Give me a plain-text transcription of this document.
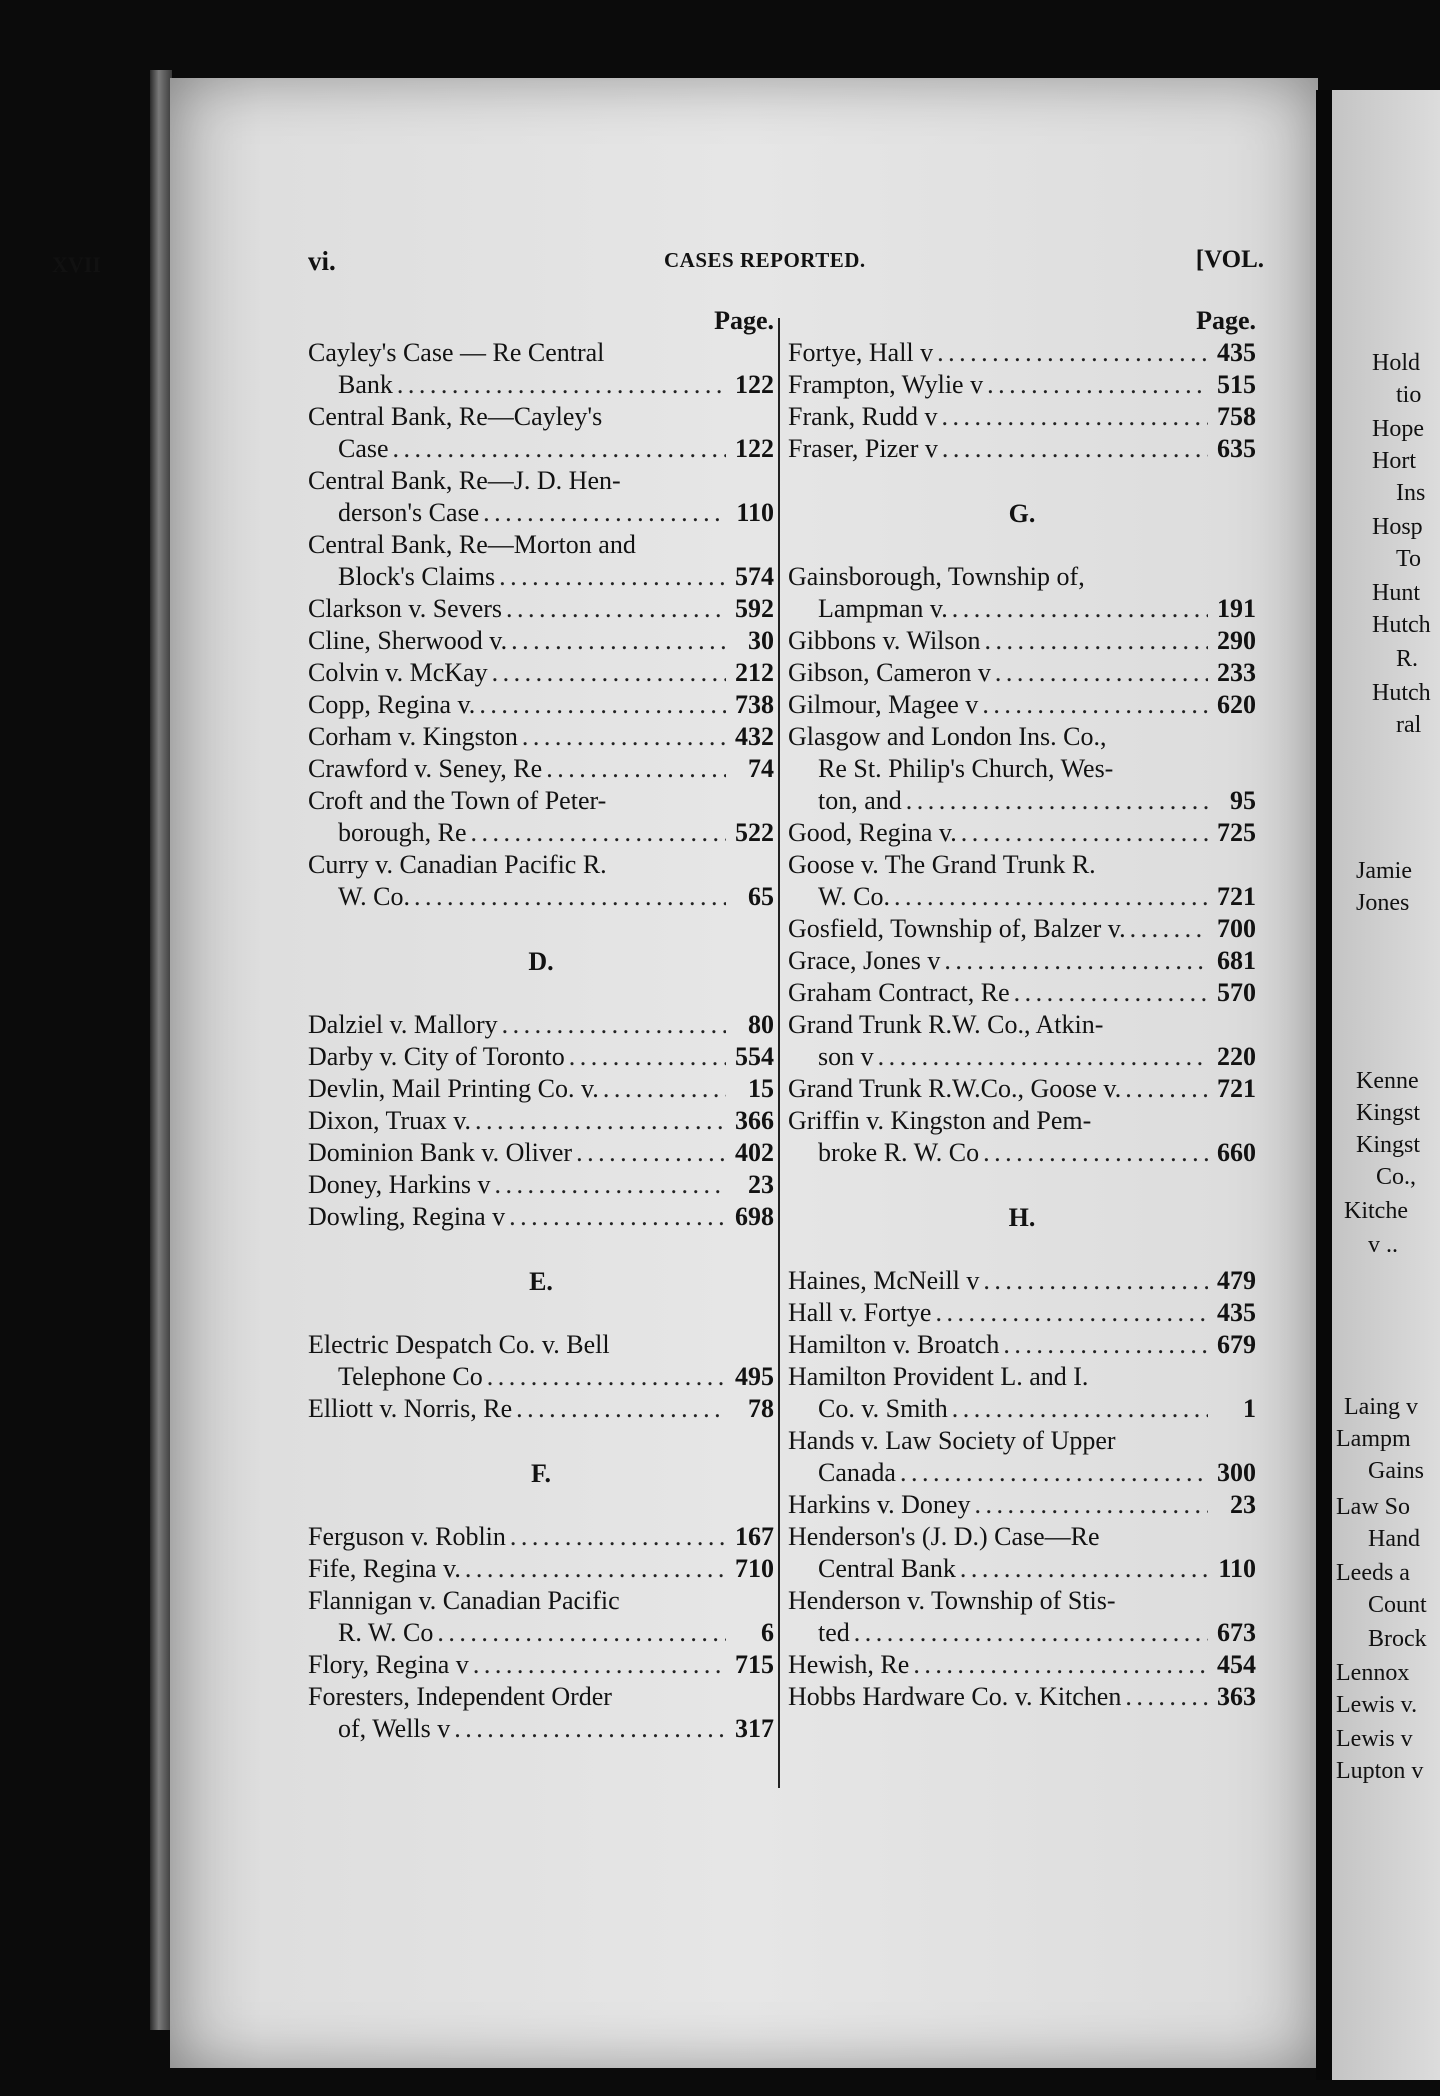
Hold
tio
Hope
Hort
Ins
Hosp
To
Hunt
Hutch
R.
Hutch
ral
Jamie
Jones
Kenne
Kingst
Kingst
Co.,
Kitche
v ..
Laing v
Lampm
Gains
Law So
Hand
Leeds a
Count
Brock
Lennox
Lewis v.
Lewis v
Lupton v
vi.	CASES REPORTED.	[VOL.
XVII
Page.
Cayley's Case — Re Central
Bank . . .	122
Central Bank, Re—Cayley's
Case . . .	122
Central Bank, Re—J. D. Hen-
derson's Case . . .	110
Central Bank, Re—Morton and
Block's Claims . . .	574
Clarkson v. Severs . . .	592
Cline, Sherwood v. . . .	30
Colvin v. McKay . . .	212
Copp, Regina v. . . .	738
Corham v. Kingston . . .	432
Crawford v. Seney, Re . . .	74
Croft and the Town of Peter-
borough, Re . . .	522
Curry v. Canadian Pacific R.
W. Co. . . .	65
D.
Dalziel v. Mallory . . .	80
Darby v. City of Toronto . . .	554
Devlin, Mail Printing Co. v. . . .	15
Dixon, Truax v. . . .	366
Dominion Bank v. Oliver . . .	402
Doney, Harkins v . . .	23
Dowling, Regina v . . .	698
E.
Electric Despatch Co. v. Bell
Telephone Co . . .	495
Elliott v. Norris, Re . . .	78
F.
Ferguson v. Roblin . . .	167
Fife, Regina v. . . .	710
Flannigan v. Canadian Pacific
R. W. Co . . .	6
Flory, Regina v . . .	715
Foresters, Independent Order
of, Wells v . . .	317
Page.
Fortye, Hall v . . .	435
Frampton, Wylie v . . .	515
Frank, Rudd v . . .	758
Fraser, Pizer v . . .	635
G.
Gainsborough, Township of,
Lampman v. . . .	191
Gibbons v. Wilson . . .	290
Gibson, Cameron v . . .	233
Gilmour, Magee v . . .	620
Glasgow and London Ins. Co.,
Re St. Philip's Church, Wes-
ton, and . . .	95
Good, Regina v. . . .	725
Goose v. The Grand Trunk R.
W. Co. . . .	721
Gosfield, Township of, Balzer v. . . .	700
Grace, Jones v . . .	681
Graham Contract, Re . . .	570
Grand Trunk R.W. Co., Atkin-
son v . . .	220
Grand Trunk R.W.Co., Goose v. . . .	721
Griffin v. Kingston and Pem-
broke R. W. Co . . .	660
H.
Haines, McNeill v . . .	479
Hall v. Fortye . . .	435
Hamilton v. Broatch . . .	679
Hamilton Provident L. and I.
Co. v. Smith . . .	1
Hands v. Law Society of Upper
Canada . . .	300
Harkins v. Doney . . .	23
Henderson's (J. D.) Case—Re
Central Bank . . .	110
Henderson v. Township of Stis-
ted . . .	673
Hewish, Re . . .	454
Hobbs Hardware Co. v. Kitchen . . .	363
